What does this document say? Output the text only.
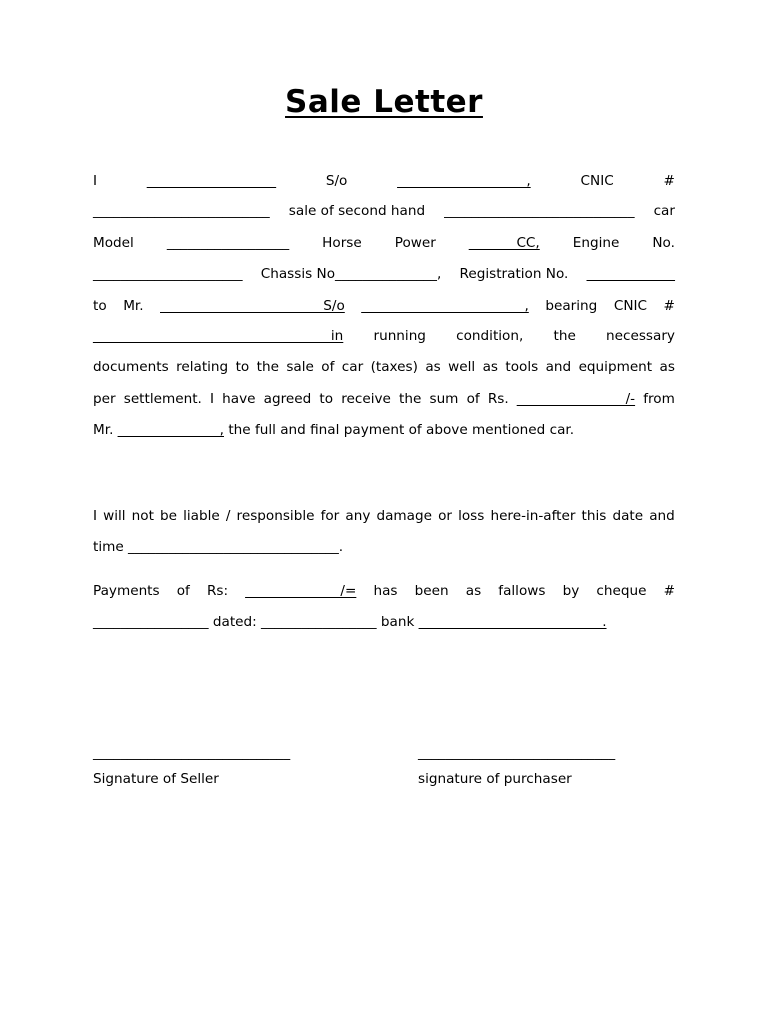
Sale Letter
I	___________________	S/o	___________________,	CNIC	#
__________________________ sale of second hand ____________________________ car
Model __________________ Horse Power _______CC, Engine No.
______________________ Chassis No_______________, Registration No. _____________
to Mr. ________________________S/o ________________________, bearing CNIC #
___________________________________in running condition, the necessary
documents relating to the sale of car (taxes) as well as tools and equipment as
per settlement. I have agreed to receive the sum of Rs. ________________/- from
Mr. _______________, the full and final payment of above mentioned car.
I will not be liable / responsible for any damage or loss here-in-after this date and
time _______________________________.
Payments of Rs: ______________/= has been as fallows by cheque #
_________________ dated: _________________ bank ___________________________.
_____________________________	_____________________________
Signature of Seller	signature of purchaser
